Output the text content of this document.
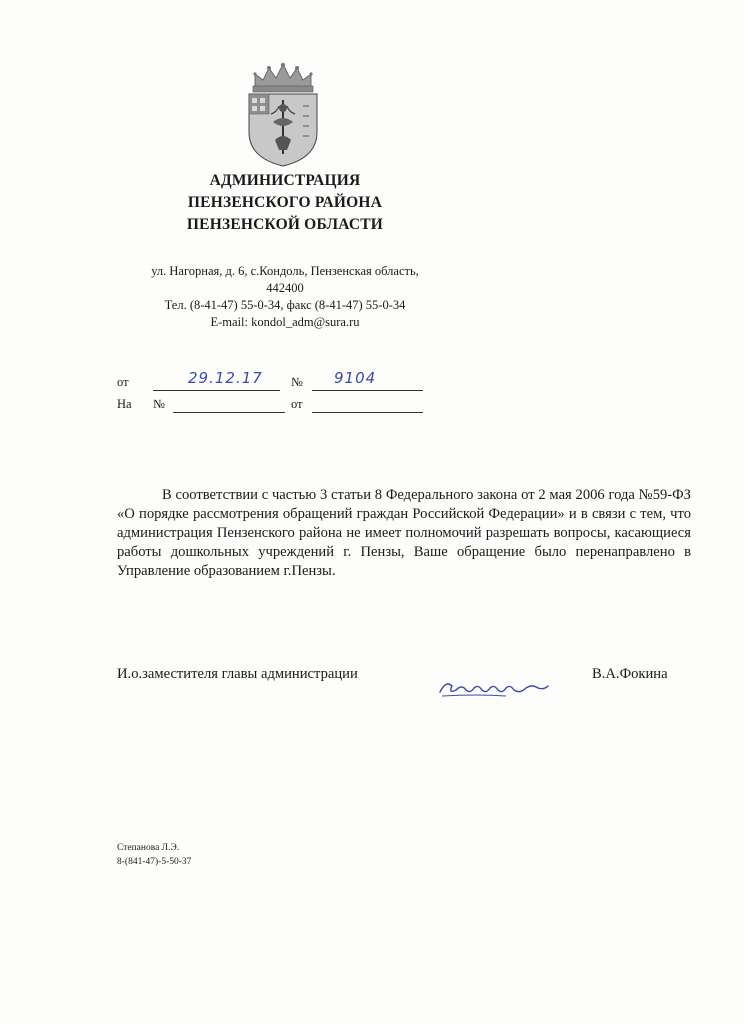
АДМИНИСТРАЦИЯ
ПЕНЗЕНСКОГО РАЙОНА
ПЕНЗЕНСКОЙ ОБЛАСТИ
ул. Нагорная, д. 6, с.Кондоль, Пензенская область,
442400
Тел. (8-41-47) 55-0-34, факс (8-41-47) 55-0-34
E-mail: kondol_adm@sura.ru
от	29.12.17 № 9104
На №	от

В соответствии с частью 3 статьи 8 Федерального закона от 2 мая 2006 года №59-ФЗ «О порядке рассмотрения обращений граждан Российской Федерации» и в связи с тем, что администрация Пензенского района не имеет полномочий разрешать вопросы, касающиеся работы дошкольных учреждений г. Пензы, Ваше обращение было перенаправлено в Управление образованием г.Пензы.

И.о.заместителя главы администрации	В.А.Фокина
Степанова Л.Э.
8-(841-47)-5-50-37
